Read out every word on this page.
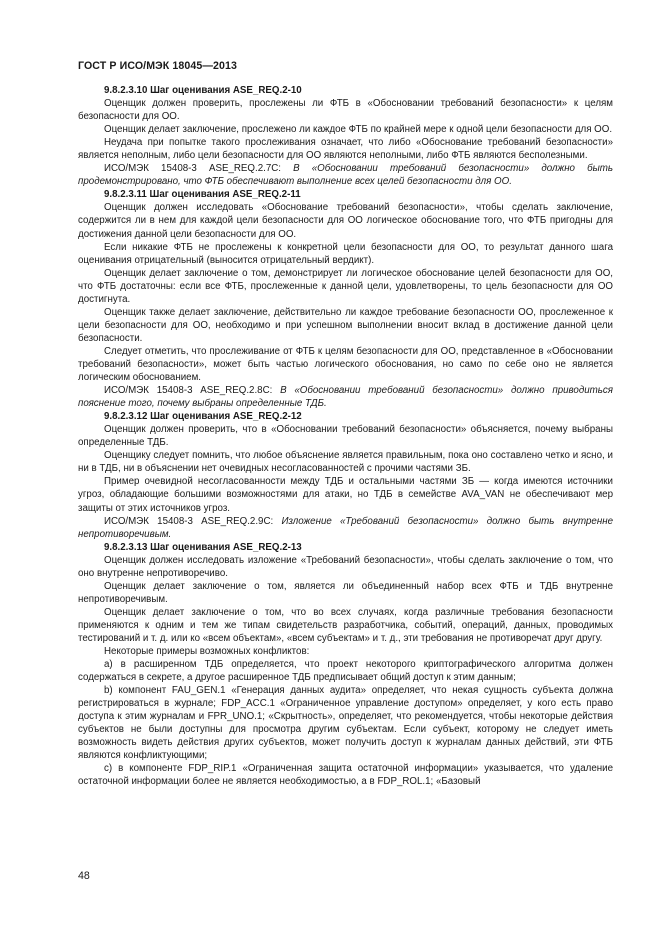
ГОСТ Р ИСО/МЭК 18045—2013

9.8.2.3.10 Шаг оценивания ASE_REQ.2-10

Оценщик должен проверить, прослежены ли ФТБ в «Обосновании требований безопасности» к целям безопасности для ОО.

Оценщик делает заключение, прослежено ли каждое ФТБ по крайней мере к одной цели безопасности для ОО.

Неудача при попытке такого прослеживания означает, что либо «Обоснование требований безопасности» является неполным, либо цели безопасности для ОО являются неполными, либо ФТБ являются бесполезными.

ИСО/МЭК 15408-3 ASE_REQ.2.7С: В «Обосновании требований безопасности» должно быть продемонстрировано, что ФТБ обеспечивают выполнение всех целей безопасности для ОО.

9.8.2.3.11 Шаг оценивания ASE_REQ.2-11

Оценщик должен исследовать «Обоснование требований безопасности», чтобы сделать заключение, содержится ли в нем для каждой цели безопасности для ОО логическое обоснование того, что ФТБ пригодны для достижения данной цели безопасности для ОО.

Если никакие ФТБ не прослежены к конкретной цели безопасности для ОО, то результат данного шага оценивания отрицательный (выносится отрицательный вердикт).

Оценщик делает заключение о том, демонстрирует ли логическое обоснование целей безопасности для ОО, что ФТБ достаточны: если все ФТБ, прослеженные к данной цели, удовлетворены, то цель безопасности для ОО достигнута.

Оценщик также делает заключение, действительно ли каждое требование безопасности ОО, прослеженное к цели безопасности для ОО, необходимо и при успешном выполнении вносит вклад в достижение данной цели безопасности.

Следует отметить, что прослеживание от ФТБ к целям безопасности для ОО, представленное в «Обосновании требований безопасности», может быть частью логического обоснования, но само по себе оно не является логическим обоснованием.

ИСО/МЭК 15408-3 ASE_REQ.2.8С: В «Обосновании требований безопасности» должно приводиться пояснение того, почему выбраны определенные ТДБ.

9.8.2.3.12 Шаг оценивания ASE_REQ.2-12

Оценщик должен проверить, что в «Обосновании требований безопасности» объясняется, почему выбраны определенные ТДБ.

Оценщику следует помнить, что любое объяснение является правильным, пока оно составлено четко и ясно, и ни в ТДБ, ни в объяснении нет очевидных несогласованностей с прочими частями ЗБ.

Пример очевидной несогласованности между ТДБ и остальными частями ЗБ — когда имеются источники угроз, обладающие большими возможностями для атаки, но ТДБ в семействе AVA_VAN не обеспечивают мер защиты от этих источников угроз.

ИСО/МЭК 15408-3 ASE_REQ.2.9С: Изложение «Требований безопасности» должно быть внутренне непротиворечивым.

9.8.2.3.13 Шаг оценивания ASE_REQ.2-13

Оценщик должен исследовать изложение «Требований безопасности», чтобы сделать заключение о том, что оно внутренне непротиворечиво.

Оценщик делает заключение о том, является ли объединенный набор всех ФТБ и ТДБ внутренне непротиворечивым.

Оценщик делает заключение о том, что во всех случаях, когда различные требования безопасности применяются к одним и тем же типам свидетельств разработчика, событий, операций, данных, проводимых тестирований и т. д. или ко «всем объектам», «всем субъектам» и т. д., эти требования не противоречат друг другу.

Некоторые примеры возможных конфликтов:

а) в расширенном ТДБ определяется, что проект некоторого криптографического алгоритма должен содержаться в секрете, а другое расширенное ТДБ предписывает общий доступ к этим данным;

b) компонент FAU_GEN.1 «Генерация данных аудита» определяет, что некая сущность субъекта должна регистрироваться в журнале; FDP_ACC.1 «Ограниченное управление доступом» определяет, у кого есть право доступа к этим журналам и FPR_UNO.1; «Скрытность», определяет, что рекомендуется, чтобы некоторые действия субъектов не были доступны для просмотра другим субъектам. Если субъект, которому не следует иметь возможность видеть действия других субъектов, может получить доступ к журналам данных действий, эти ФТБ являются конфликтующими;

с) в компоненте FDP_RIP.1 «Ограниченная защита остаточной информации» указывается, что удаление остаточной информации более не является необходимостью, а в FDP_ROL.1; «Базовый

48
